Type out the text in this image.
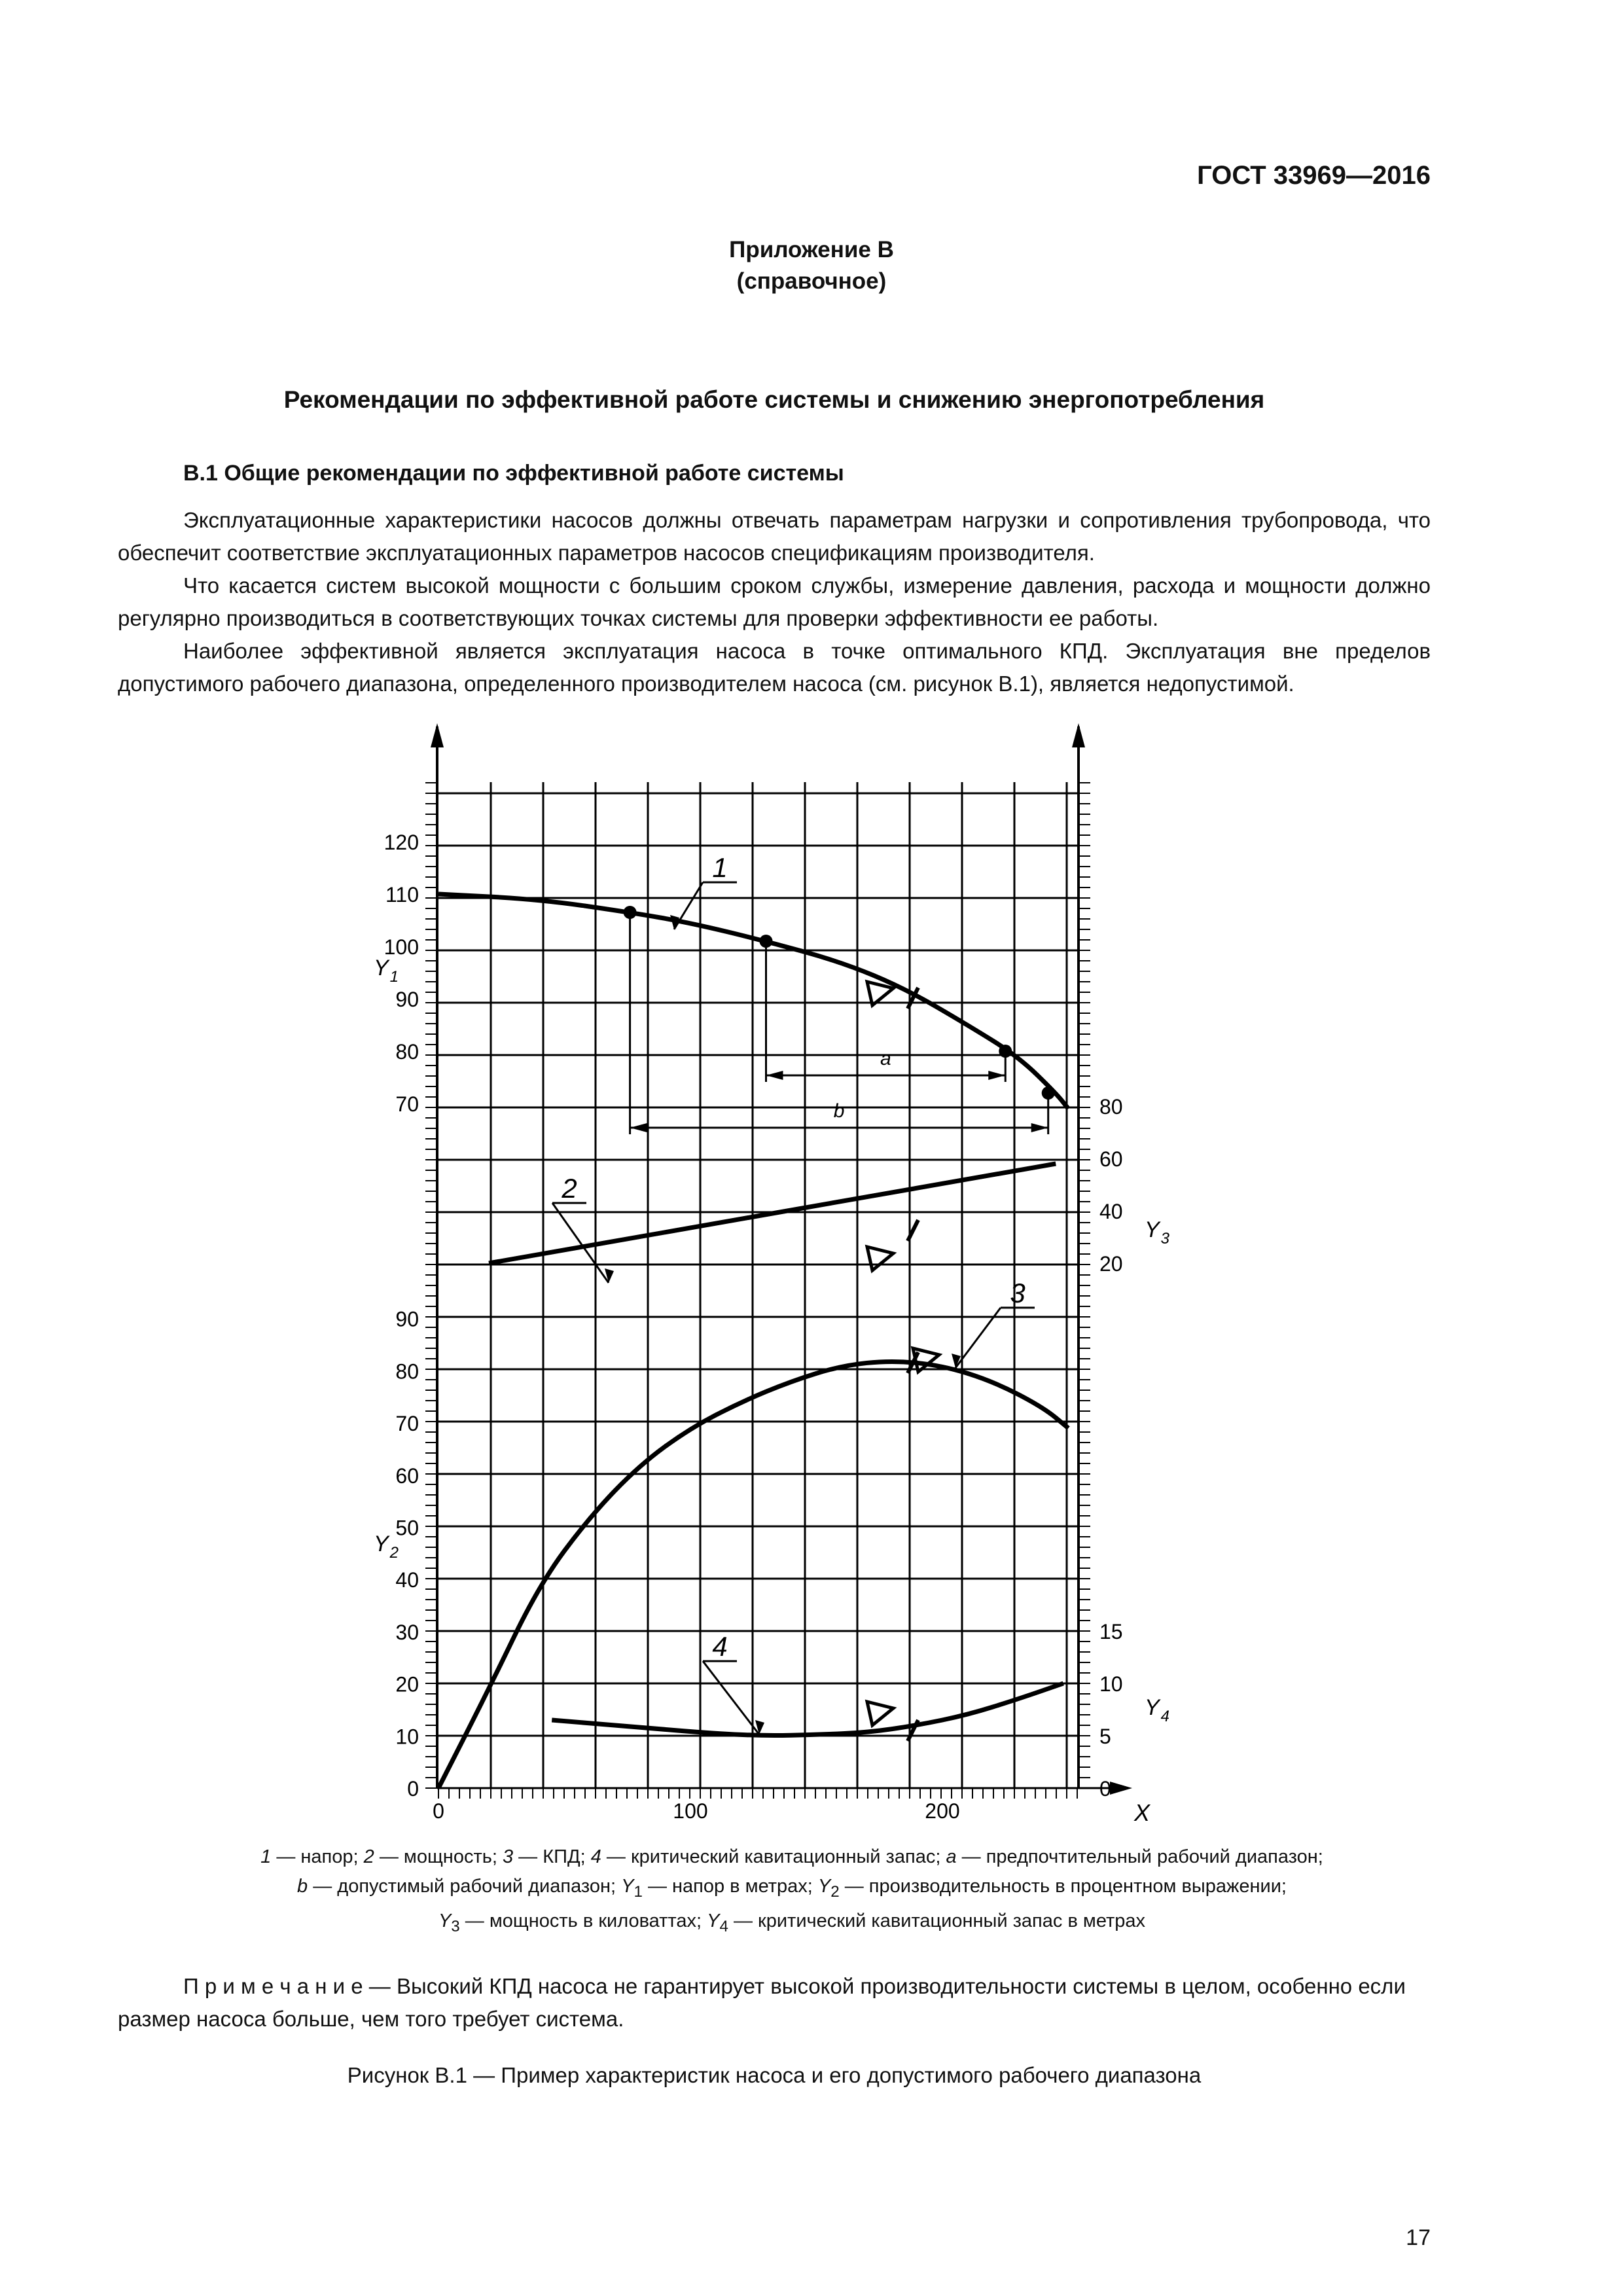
ГОСТ 33969—2016
Приложение В
(справочное)
Рекомендации по эффективной работе системы и снижению энергопотребления
В.1 Общие рекомендации по эффективной работе системы
Эксплуатационные характеристики насосов должны отвечать параметрам нагрузки и сопротивления трубопровода, что обеспечит соответствие эксплуатационных параметров насосов спецификациям производителя.
Что касается систем высокой мощности с большим сроком службы, измерение давления, расхода и мощности должно регулярно производиться в соответствующих точках системы для проверки эффективности ее работы.
Наиболее эффективной является эксплуатация насоса в точке оптимального КПД. Эксплуатация вне пределов допустимого рабочего диапазона, определенного производителем насоса (см. рисунок В.1), является недопустимой.
70
80
90
100
110
120
0
10
20
30
40
50
60
70
80
90
20
40
60
80
0
5
10
15
0	100	200	X
$Y_1$
$Y_2$
$Y_3$
$Y_4$
a
b
1
2
3
4
1 — напор; 2 — мощность; 3 — КПД; 4 — критический кавитационный запас; a — предпочтительный рабочий диапазон;
b — допустимый рабочий диапазон; $Y_1$ — напор в метрах; $Y_2$ — производительность в процентном выражении;
$Y_3$ — мощность в киловаттах; $Y_4$ — критический кавитационный запас в метрах
П р и м е ч а н и е — Высокий КПД насоса не гарантирует высокой производительности системы в целом, особенно если размер насоса больше, чем того требует система.
Рисунок В.1 — Пример характеристик насоса и его допустимого рабочего диапазона
17
